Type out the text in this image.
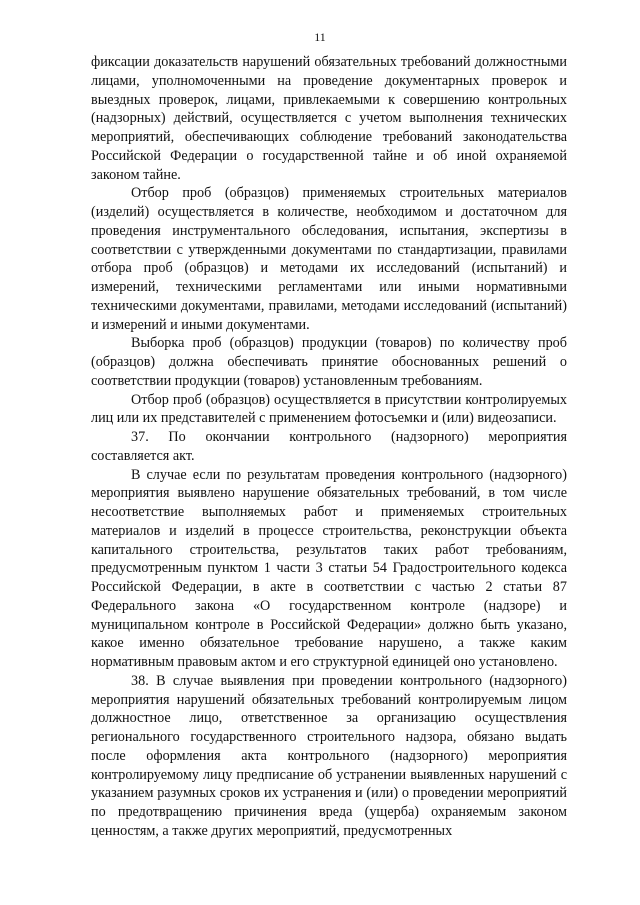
11

фиксации доказательств нарушений обязательных требований должностными лицами, уполномоченными на проведение документарных проверок и выездных проверок, лицами, привлекаемыми к совершению контрольных (надзорных) действий, осуществляется с учетом выполнения технических мероприятий, обеспечивающих соблюдение требований законодательства Российской Федерации о государственной тайне и об иной охраняемой законом тайне.

Отбор проб (образцов) применяемых строительных материалов (изделий) осуществляется в количестве, необходимом и достаточном для проведения инструментального обследования, испытания, экспертизы в соответствии с утвержденными документами по стандартизации, правилами отбора проб (образцов) и методами их исследований (испытаний) и измерений, техническими регламентами или иными нормативными техническими документами, правилами, методами исследований (испытаний) и измерений и иными документами.

Выборка проб (образцов) продукции (товаров) по количеству проб (образцов) должна обеспечивать принятие обоснованных решений о соответствии продукции (товаров) установленным требованиям.

Отбор проб (образцов) осуществляется в присутствии контролируемых лиц или их представителей с применением фотосъемки и (или) видеозаписи.

37. По окончании контрольного (надзорного) мероприятия составляется акт.

В случае если по результатам проведения контрольного (надзорного) мероприятия выявлено нарушение обязательных требований, в том числе несоответствие выполняемых работ и применяемых строительных материалов и изделий в процессе строительства, реконструкции объекта капитального строительства, результатов таких работ требованиям, предусмотренным пунктом 1 части 3 статьи 54 Градостроительного кодекса Российской Федерации, в акте в соответствии с частью 2 статьи 87 Федерального закона «О государственном контроле (надзоре) и муниципальном контроле в Российской Федерации» должно быть указано, какое именно обязательное требование нарушено, а также каким нормативным правовым актом и его структурной единицей оно установлено.

38. В случае выявления при проведении контрольного (надзорного) мероприятия нарушений обязательных требований контролируемым лицом должностное лицо, ответственное за организацию осуществления регионального государственного строительного надзора, обязано выдать после оформления акта контрольного (надзорного) мероприятия контролируемому лицу предписание об устранении выявленных нарушений с указанием разумных сроков их устранения и (или) о проведении мероприятий по предотвращению причинения вреда (ущерба) охраняемым законом ценностям, а также других мероприятий, предусмотренных
